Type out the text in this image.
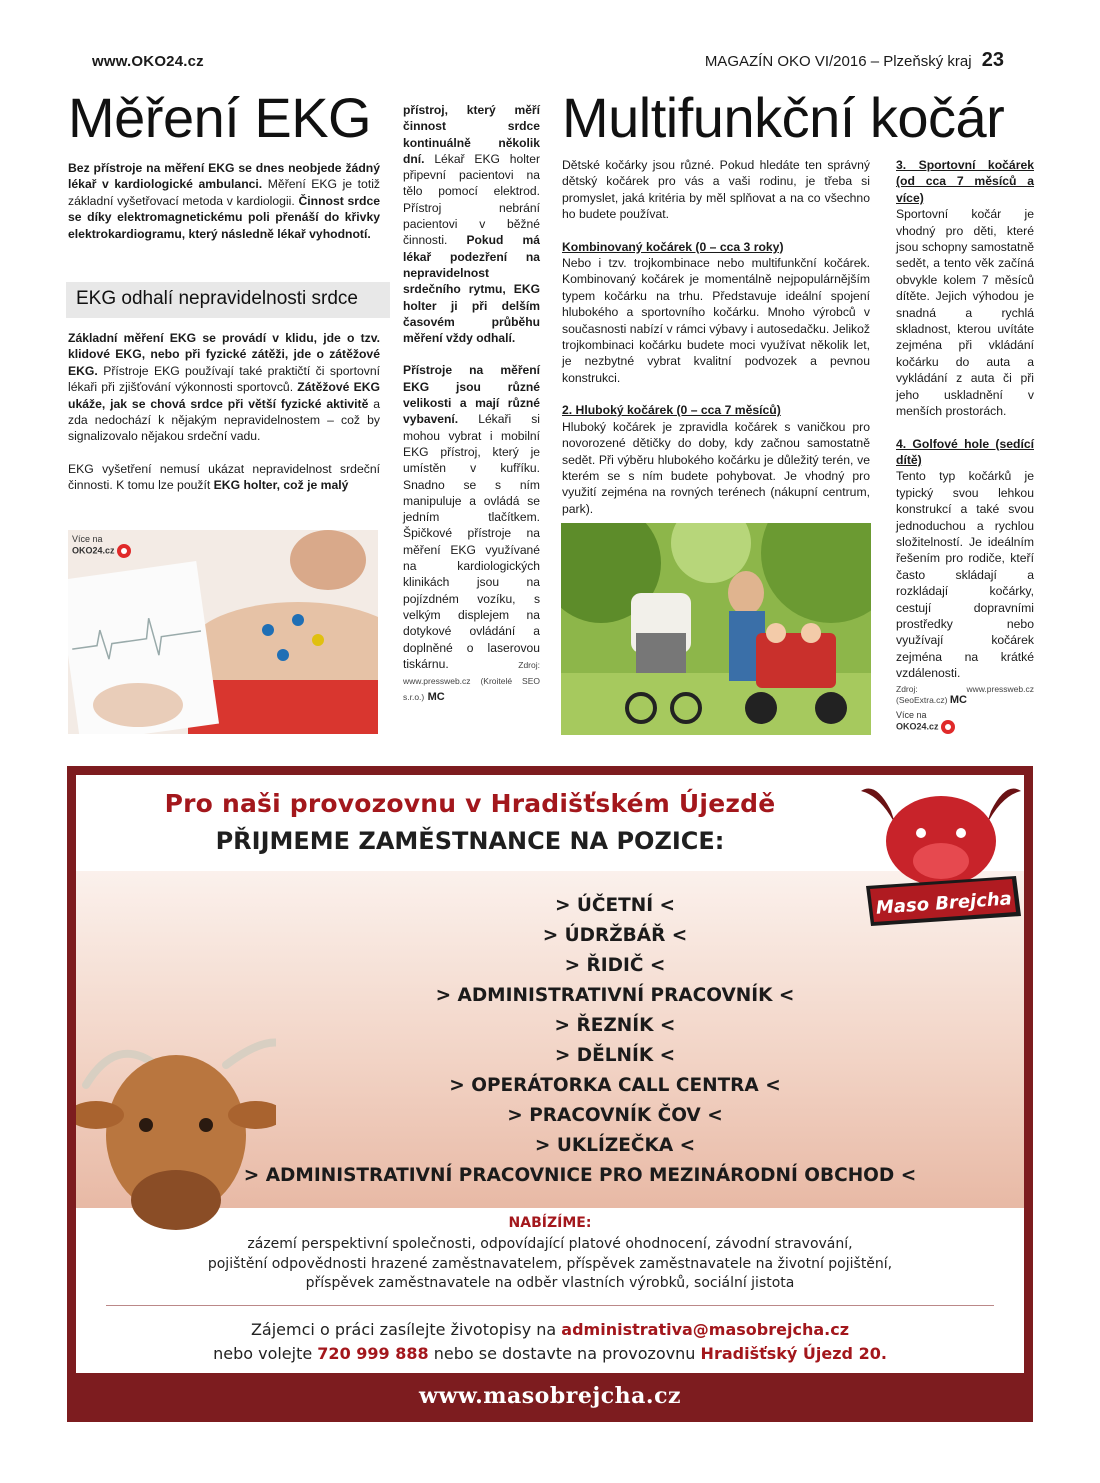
www.OKO24.cz	MAGAZÍN OKO VI/2016 – Plzeňský kraj 23
Měření EKG

Bez přístroje na měření EKG se dnes neobjede žádný lékař v kardiologické ambulanci. Měření EKG je totiž základní vyšetřovací metoda v kardiologii. Činnost srdce se díky elektromagnetickému poli přenáší do křivky elektrokardiogramu, který následně lékař vyhodnotí.

EKG odhalí nepravidelnosti srdce

Základní měření EKG se provádí v klidu, jde o tzv. klidové EKG, nebo při fyzické zátěži, jde o zátěžové EKG. Přístroje EKG používají také praktičtí či sportovní lékaři při zjišťování výkonnosti sportovců. Zátěžové EKG ukáže, jak se chová srdce při větší fyzické aktivitě a zda nedochází k nějakým nepravidelnostem – což by signalizovalo nějakou srdeční vadu.

EKG vyšetření nemusí ukázat nepravidelnost srdeční činnosti. K tomu lze použít EKG holter, což je malý

Více na
OKO24.cz

přístroj, který měří činnost srdce kontinuálně několik dní. Lékař EKG holter připevní pacientovi na tělo pomocí elektrod. Přístroj nebrání pacientovi v běžné činnosti. Pokud má lékař podezření na nepravidelnost srdečního rytmu, EKG holter ji při delším časovém průběhu měření vždy odhalí.

Přístroje na měření EKG jsou různé velikosti a mají různé vybavení. Lékaři si mohou vybrat i mobilní EKG přístroj, který je umístěn v kufříku. Snadno se s ním manipuluje a ovládá se jedním tlačítkem. Špičkové přístroje na měření EKG využívané na kardiologických klinikách jsou na pojízdném vozíku, s velkým displejem na dotykové ovládání a doplněné o laserovou tiskárnu.	Zdroj: www.pressweb.cz (Kroitelé SEO s.r.o.) MC

Multifunkční kočár

Dětské kočárky jsou různé. Pokud hledáte ten správný dětský kočárek pro vás a vaši rodinu, je třeba si promyslet, jaká kritéria by měl splňovat a na co všechno ho budete používat.

Kombinovaný kočárek (0 – cca 3 roky)

Nebo i tzv. trojkombinace nebo multifunkční kočárek. Kombinovaný kočárek je momentálně nejpopulárnějším typem kočárku na trhu. Představuje ideální spojení hlubokého a sportovního kočárku. Mnoho výrobců v současnosti nabízí v rámci výbavy i autosedačku. Jelikož trojkombinaci kočárku budete moci využívat několik let, je nezbytné vybrat kvalitní podvozek a pevnou konstrukci.

2. Hluboký kočárek (0 – cca 7 měsíců)

Hluboký kočárek je zpravidla kočárek s vaničkou pro novorozené dětičky do doby, kdy začnou samostatně sedět. Při výběru hlubokého kočárku je důležitý terén, ve kterém se s ním budete pohybovat. Je vhodný pro využití zejména na rovných terénech (nákupní centrum, park).

3. Sportovní kočárek (od cca 7 měsíců a více)

Sportovní kočár je vhodný pro děti, které jsou schopny samostatně sedět, a tento věk začíná obvykle kolem 7 měsíců dítěte. Jejich výhodou je snadná a rychlá skladnost, kterou uvítáte zejména při vkládání kočárku do auta a vykládání z auta či při jeho uskladnění v menších prostorách.

4. Golfové hole (sedící dítě)

Tento typ kočárků je typický svou lehkou konstrukcí a také svou jednoduchou a rychlou složitelností. Je ideálním řešením pro rodiče, kteří často skládají a rozkládají kočárky, cestují dopravními prostředky nebo využívají kočárek zejména na krátké vzdálenosti.

Zdroj: www.pressweb.cz (SeoExtra.cz) MC
Více na
OKO24.cz
Maso Brejcha
Pro naši provozovnu v Hradišťském Újezdě
PŘIJMEME ZAMĚSTNANCE NA POZICE:
> ÚČETNÍ <
> ÚDRŽBÁŘ <
> ŘIDIČ <
> ADMINISTRATIVNÍ PRACOVNÍK <
> ŘEZNÍK <
> DĚLNÍK <
> OPERÁTORKA CALL CENTRA <
> PRACOVNÍK ČOV <
> UKLÍZEČKA <
> ADMINISTRATIVNÍ PRACOVNICE PRO MEZINÁRODNÍ OBCHOD <
NABÍZÍME:
zázemí perspektivní společnosti, odpovídající platové ohodnocení, závodní stravování,
pojištění odpovědnosti hrazené zaměstnavatelem, příspěvek zaměstnavatele na životní pojištění,
příspěvek zaměstnavatele na odběr vlastních výrobků, sociální jistota
Zájemci o práci zasílejte životopisy na administrativa@masobrejcha.cz
nebo volejte 720 999 888 nebo se dostavte na provozovnu Hradišťský Újezd 20.
www.masobrejcha.cz
